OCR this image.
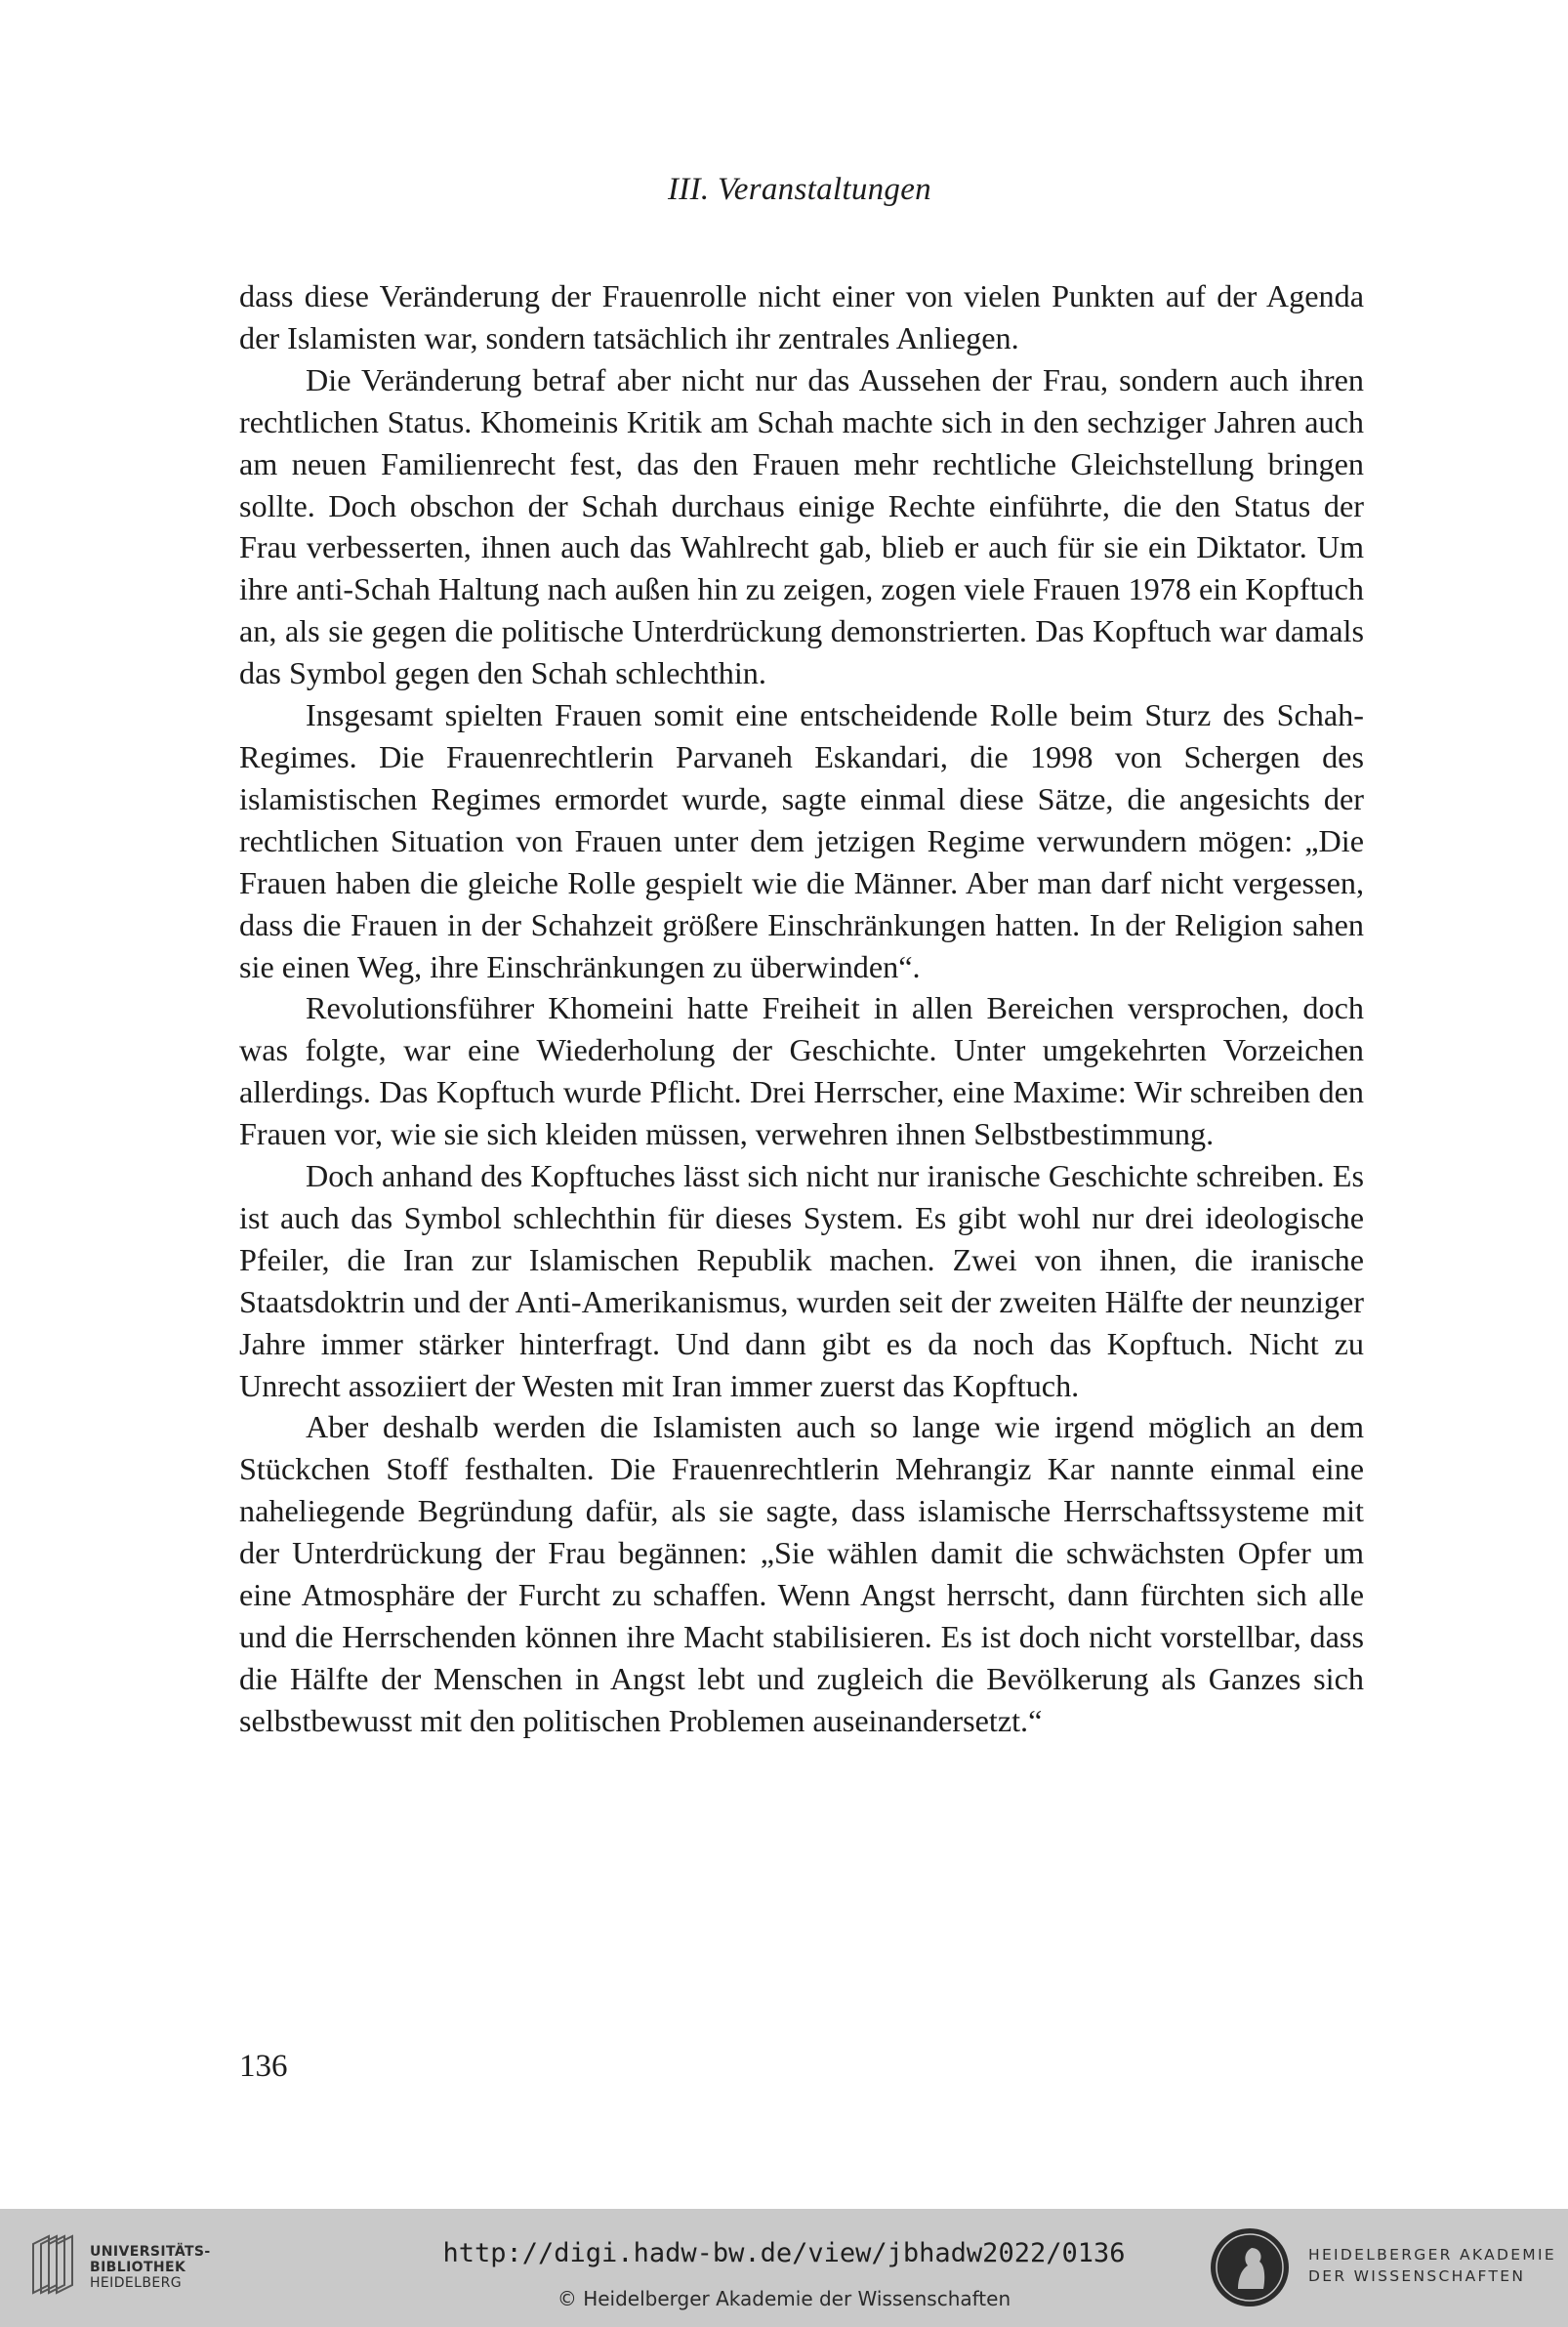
III. Veranstaltungen

dass diese Veränderung der Frauenrolle nicht einer von vielen Punkten auf der Agenda der Islamisten war, sondern tatsächlich ihr zentrales Anliegen.

Die Veränderung betraf aber nicht nur das Aussehen der Frau, sondern auch ihren rechtlichen Status. Khomeinis Kritik am Schah machte sich in den sechziger Jahren auch am neuen Familienrecht fest, das den Frauen mehr rechtliche Gleichstellung bringen sollte. Doch obschon der Schah durchaus einige Rechte einführte, die den Status der Frau verbesserten, ihnen auch das Wahlrecht gab, blieb er auch für sie ein Diktator. Um ihre anti-Schah Haltung nach außen hin zu zeigen, zogen viele Frauen 1978 ein Kopftuch an, als sie gegen die politische Unterdrückung demonstrierten. Das Kopftuch war damals das Symbol gegen den Schah schlechthin.

Insgesamt spielten Frauen somit eine entscheidende Rolle beim Sturz des Schah-Regimes. Die Frauenrechtlerin Parvaneh Eskandari, die 1998 von Schergen des islamistischen Regimes ermordet wurde, sagte einmal diese Sätze, die angesichts der rechtlichen Situation von Frauen unter dem jetzigen Regime verwundern mögen: „Die Frauen haben die gleiche Rolle gespielt wie die Männer. Aber man darf nicht vergessen, dass die Frauen in der Schahzeit größere Einschränkungen hatten. In der Religion sahen sie einen Weg, ihre Einschränkungen zu überwinden“.

Revolutionsführer Khomeini hatte Freiheit in allen Bereichen versprochen, doch was folgte, war eine Wiederholung der Geschichte. Unter umgekehrten Vorzeichen allerdings. Das Kopftuch wurde Pflicht. Drei Herrscher, eine Maxime: Wir schreiben den Frauen vor, wie sie sich kleiden müssen, verwehren ihnen Selbstbestimmung.

Doch anhand des Kopftuches lässt sich nicht nur iranische Geschichte schreiben. Es ist auch das Symbol schlechthin für dieses System. Es gibt wohl nur drei ideologische Pfeiler, die Iran zur Islamischen Republik machen. Zwei von ihnen, die iranische Staatsdoktrin und der Anti-Amerikanismus, wurden seit der zweiten Hälfte der neunziger Jahre immer stärker hinterfragt. Und dann gibt es da noch das Kopftuch. Nicht zu Unrecht assoziiert der Westen mit Iran immer zuerst das Kopftuch.

Aber deshalb werden die Islamisten auch so lange wie irgend möglich an dem Stückchen Stoff festhalten. Die Frauenrechtlerin Mehrangiz Kar nannte einmal eine naheliegende Begründung dafür, als sie sagte, dass islamische Herrschaftssysteme mit der Unterdrückung der Frau begännen: „Sie wählen damit die schwächsten Opfer um eine Atmosphäre der Furcht zu schaffen. Wenn Angst herrscht, dann fürchten sich alle und die Herrschenden können ihre Macht stabilisieren. Es ist doch nicht vorstellbar, dass die Hälfte der Menschen in Angst lebt und zugleich die Bevölkerung als Ganzes sich selbstbewusst mit den politischen Problemen auseinandersetzt.“

136
UNIVERSITÄTS-
BIBLIOTHEK
HEIDELBERG
http://digi.hadw-bw.de/view/jbhadw2022/0136
© Heidelberger Akademie der Wissenschaften
HEIDELBERGER AKADEMIE
DER WISSENSCHAFTEN
